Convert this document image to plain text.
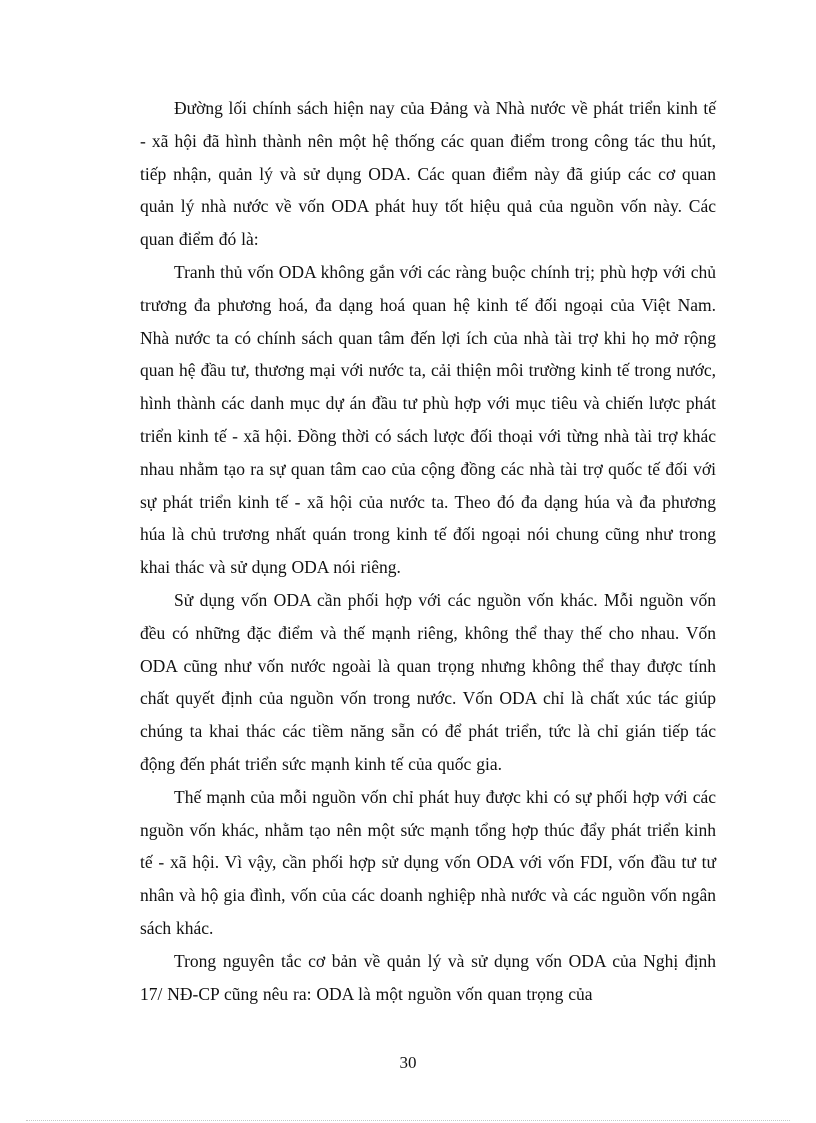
Đường lối chính sách hiện nay của Đảng và Nhà nước về phát triển kinh tế - xã hội đã hình thành nên một hệ thống các quan điểm trong công tác thu hút, tiếp nhận, quản lý và sử dụng ODA. Các quan điểm này đã giúp các cơ quan quản lý nhà nước về vốn ODA phát huy tốt hiệu quả của nguồn vốn này. Các quan điểm đó là:

Tranh thủ vốn ODA không gắn với các ràng buộc chính trị; phù hợp với chủ trương đa phương hoá, đa dạng hoá quan hệ kinh tế đối ngoại của Việt Nam. Nhà nước ta có chính sách quan tâm đến lợi ích của nhà tài trợ khi họ mở rộng quan hệ đầu tư, thương mại với nước ta, cải thiện môi trường kinh tế trong nước, hình thành các danh mục dự án đầu tư phù hợp với mục tiêu và chiến lược phát triển kinh tế - xã hội. Đồng thời có sách lược đối thoại với từng nhà tài trợ khác nhau nhằm tạo ra sự quan tâm cao của cộng đồng các nhà tài trợ quốc tế đối với sự phát triển kinh tế - xã hội của nước ta. Theo đó đa dạng húa và đa phương húa là chủ trương nhất quán trong kinh tế đối ngoại nói chung cũng như trong khai thác và sử dụng ODA nói riêng.

Sử dụng vốn ODA cần phối hợp với các nguồn vốn khác. Mỗi nguồn vốn đều có những đặc điểm và thế mạnh riêng, không thể thay thế cho nhau. Vốn ODA cũng như vốn nước ngoài là quan trọng nhưng không thể thay được tính chất quyết định của nguồn vốn trong nước. Vốn ODA chỉ là chất xúc tác giúp chúng ta khai thác các tiềm năng sẵn có để phát triển, tức là chỉ gián tiếp tác động đến phát triển sức mạnh kinh tế của quốc gia.

Thế mạnh của mỗi nguồn vốn chỉ phát huy được khi có sự phối hợp với các nguồn vốn khác, nhằm tạo nên một sức mạnh tổng hợp thúc đẩy phát triển kinh tế - xã hội. Vì vậy, cần phối hợp sử dụng vốn ODA với vốn FDI, vốn đầu tư tư nhân và hộ gia đình, vốn của các doanh nghiệp nhà nước và các nguồn vốn ngân sách khác.

Trong nguyên tắc cơ bản về quản lý và sử dụng vốn ODA của Nghị định 17/ NĐ-CP cũng nêu ra: ODA là một nguồn vốn quan trọng của

30
